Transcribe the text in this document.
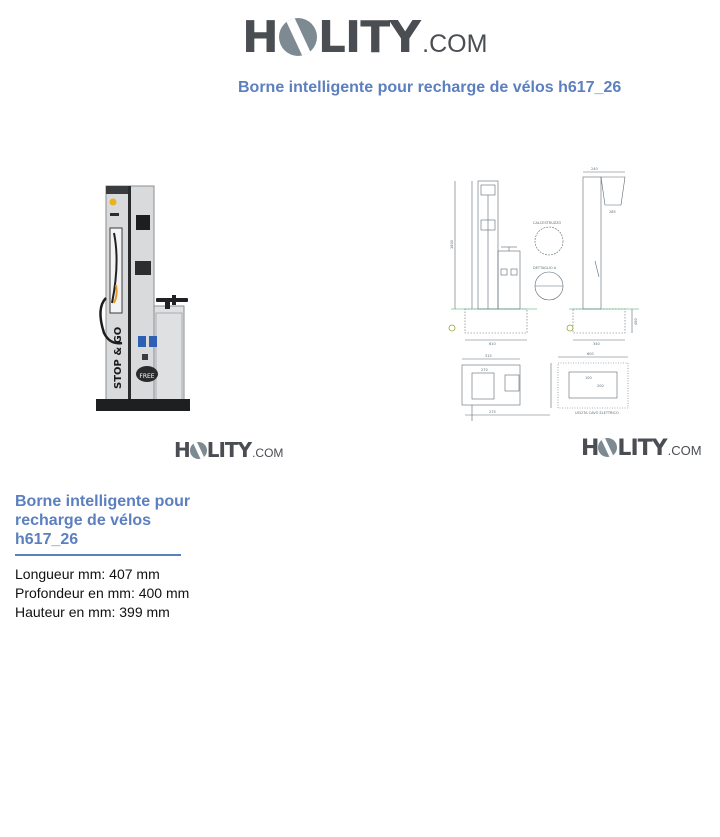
H LITY .COM
Borne intelligente pour recharge de vélos h617_26
FREE
STOP & GO
H LITY .COM
CALCESTRUZZO
DETTAGLIO A
USCITA CAVO ELETTRICO
240
1800
285
610	340
600
480
315
270
275
200
100
H LITY .COM
Borne intelligente pour
recharge de vélos
h617_26
Longueur mm: 407 mm
Profondeur en mm: 400 mm
Hauteur en mm: 399 mm
